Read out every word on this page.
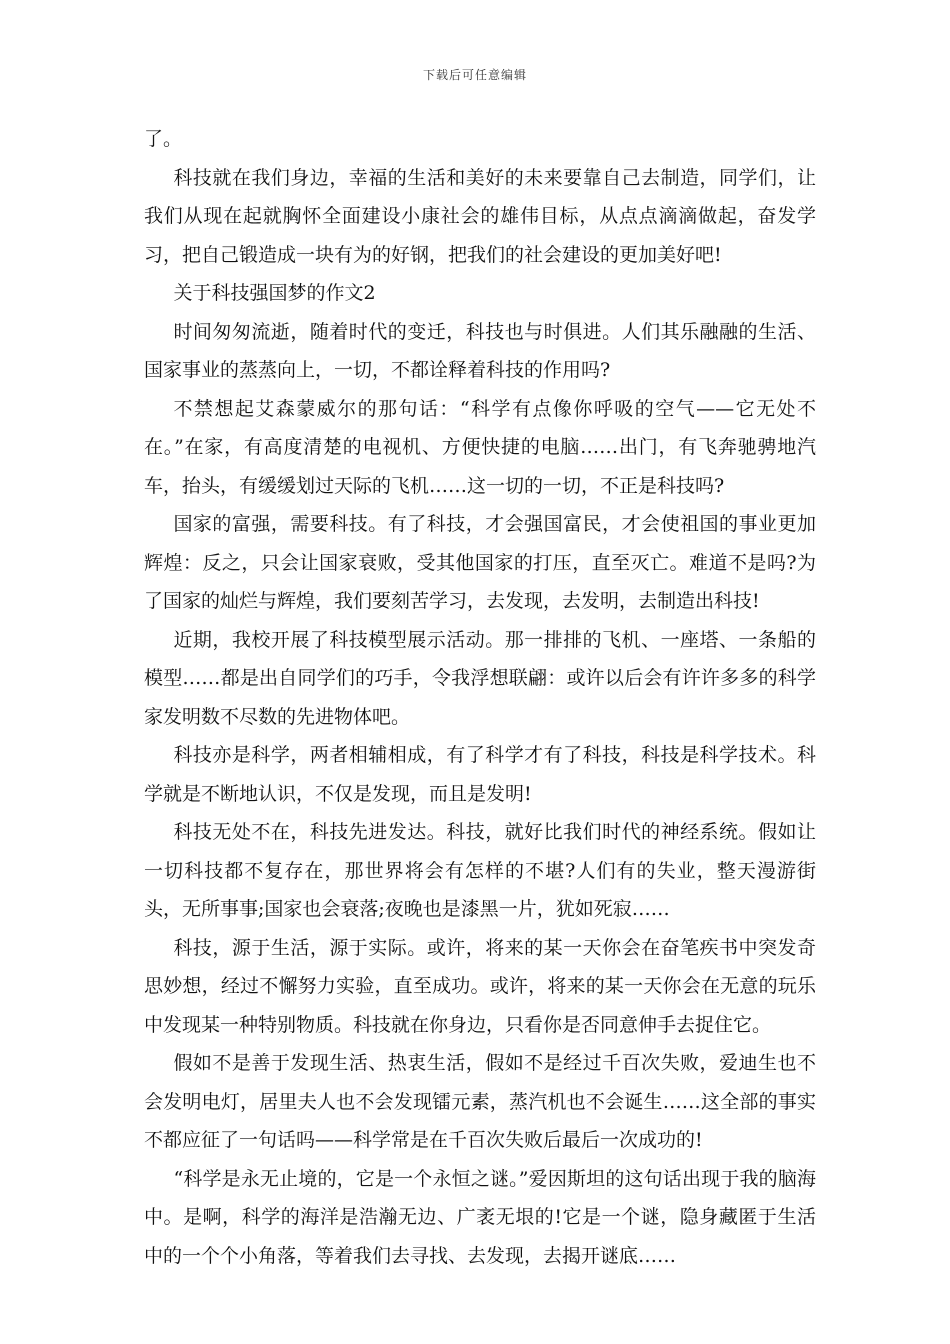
下载后可任意编辑

了。

科技就在我们身边，幸福的生活和美好的未来要靠自己去制造，同学们，让我们从现在起就胸怀全面建设小康社会的雄伟目标，从点点滴滴做起，奋发学习，把自己锻造成一块有为的好钢，把我们的社会建设的更加美好吧!

关于科技强国梦的作文2

时间匆匆流逝，随着时代的变迁，科技也与时俱进。人们其乐融融的生活、国家事业的蒸蒸向上，一切，不都诠释着科技的作用吗?

不禁想起艾森蒙威尔的那句话：“科学有点像你呼吸的空气——它无处不在。”在家，有高度清楚的电视机、方便快捷的电脑……出门，有飞奔驰骋地汽车，抬头，有缓缓划过天际的飞机……这一切的一切，不正是科技吗?

国家的富强，需要科技。有了科技，才会强国富民，才会使祖国的事业更加辉煌：反之，只会让国家衰败，受其他国家的打压，直至灭亡。难道不是吗?为了国家的灿烂与辉煌，我们要刻苦学习，去发现，去发明，去制造出科技!

近期，我校开展了科技模型展示活动。那一排排的飞机、一座塔、一条船的模型……都是出自同学们的巧手，令我浮想联翩：或许以后会有许许多多的科学家发明数不尽数的先进物体吧。

科技亦是科学，两者相辅相成，有了科学才有了科技，科技是科学技术。科学就是不断地认识，不仅是发现，而且是发明!

科技无处不在，科技先进发达。科技，就好比我们时代的神经系统。假如让一切科技都不复存在，那世界将会有怎样的不堪?人们有的失业，整天漫游街头，无所事事;国家也会衰落;夜晚也是漆黑一片，犹如死寂……

科技，源于生活，源于实际。或许，将来的某一天你会在奋笔疾书中突发奇思妙想，经过不懈努力实验，直至成功。或许，将来的某一天你会在无意的玩乐中发现某一种特别物质。科技就在你身边，只看你是否同意伸手去捉住它。

假如不是善于发现生活、热衷生活，假如不是经过千百次失败，爱迪生也不会发明电灯，居里夫人也不会发现镭元素，蒸汽机也不会诞生……这全部的事实不都应征了一句话吗——科学常是在千百次失败后最后一次成功的!

“科学是永无止境的，它是一个永恒之谜。”爱因斯坦的这句话出现于我的脑海中。是啊，科学的海洋是浩瀚无边、广袤无垠的!它是一个谜，隐身藏匿于生活中的一个个小角落，等着我们去寻找、去发现，去揭开谜底……
